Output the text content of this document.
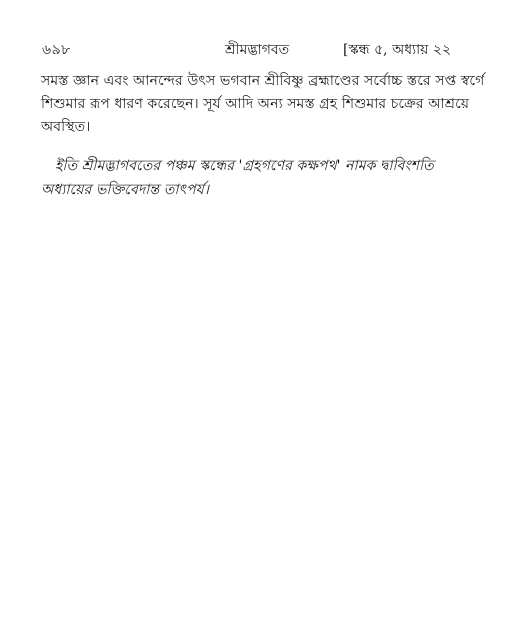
৬৯৮	শ্রীমদ্ভাগবত	[স্কন্ধ ৫, অধ্যায় ২২
সমস্ত জ্ঞান এবং আনন্দের উৎস ভগবান শ্রীবিষ্ণু ব্রহ্মাণ্ডের সর্বোচ্চ স্তরে সপ্ত স্বর্গে
শিশুমার রূপ ধারণ করেছেন। সূর্য আদি অন্য সমস্ত গ্রহ শিশুমার চক্রের আশ্রয়ে
অবস্থিত।
ইতি শ্রীমদ্ভাগবতের পঞ্চম স্কন্ধের 'গ্রহগণের কক্ষপথ' নামক দ্বাবিংশতি
অধ্যায়ের ভক্তিবেদান্ত তাৎপর্য।
